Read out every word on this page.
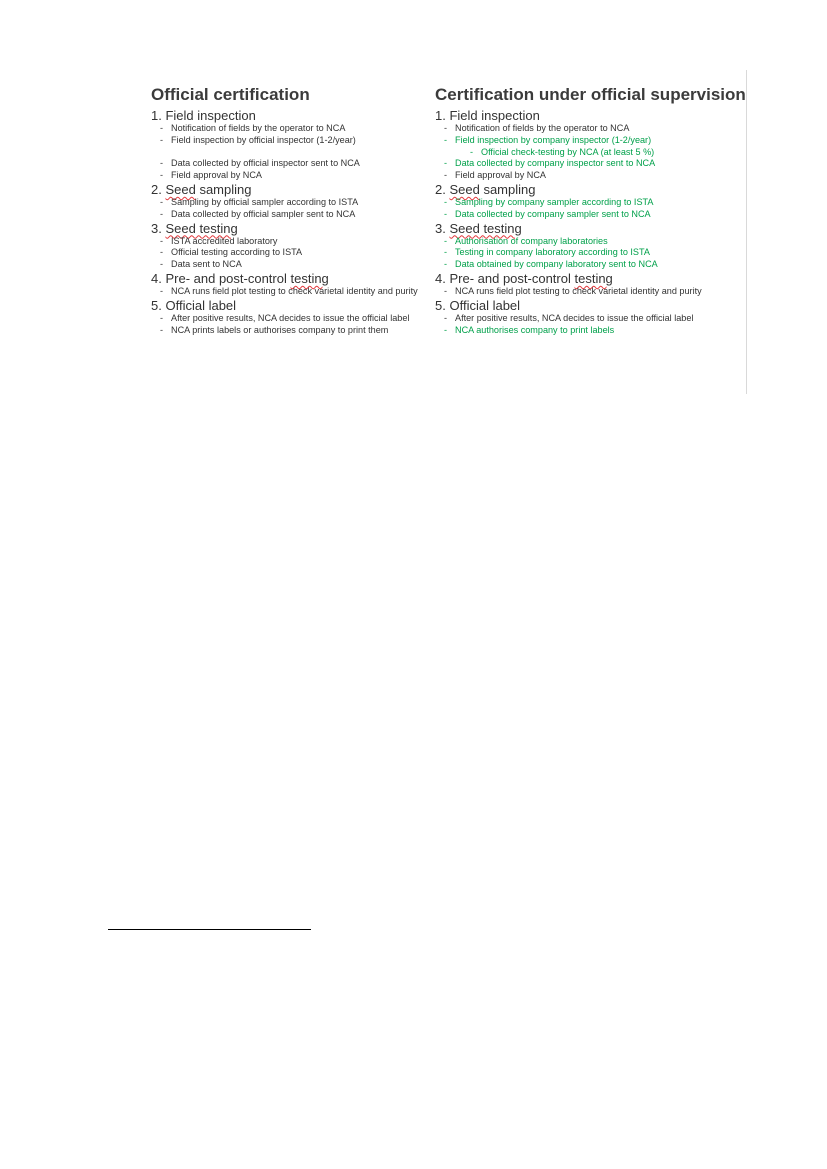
Official certification
1. Field inspection
- Notification of fields by the operator to NCA
- Field inspection by official inspector (1-2/year)
- Data collected by official inspector sent to NCA
- Field approval by NCA
2. Seed sampling
- Sampling by official sampler according to ISTA
- Data collected by official sampler sent to NCA
3. Seed testing
- ISTA accredited laboratory
- Official testing according to ISTA
- Data sent to NCA
4. Pre- and post-control testing
- NCA runs field plot testing to check varietal identity and purity
5. Official label
- After positive results, NCA decides to issue the official label
- NCA prints labels or authorises company to print them
Certification under official supervision
1. Field inspection
- Notification of fields by the operator to NCA
- Field inspection by company inspector (1-2/year)
- Official check-testing by NCA (at least 5 %)
- Data collected by company inspector sent to NCA
- Field approval by NCA
2. Seed sampling
- Sampling by company sampler according to ISTA
- Data collected by company sampler sent to NCA
3. Seed testing
- Authorisation of company laboratories
- Testing in company laboratory according to ISTA
- Data obtained by company laboratory sent to NCA
4. Pre- and post-control testing
- NCA runs field plot testing to check varietal identity and purity
5. Official label
- After positive results, NCA decides to issue the official label
- NCA authorises company to print labels
